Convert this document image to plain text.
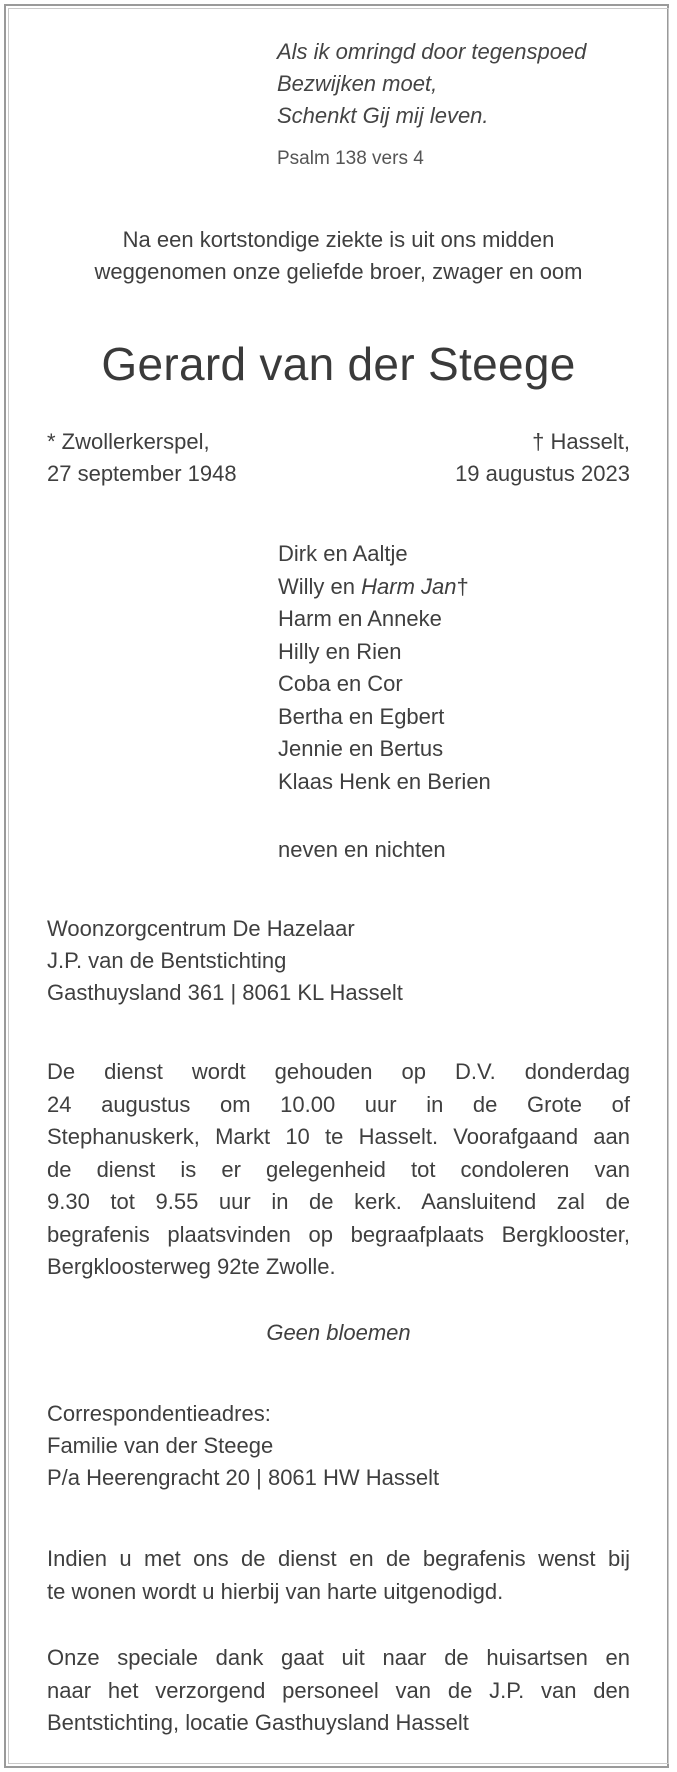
Als ik omringd door tegenspoed
Bezwijken moet,
Schenkt Gij mij leven.
Psalm 138 vers 4
Na een kortstondige ziekte is uit ons midden
weggenomen onze geliefde broer, zwager en oom
Gerard van der Steege
* Zwollerkerspel,
27 september 1948
† Hasselt,
19 augustus 2023
Dirk en Aaltje
Willy en Harm Jan†
Harm en Anneke
Hilly en Rien
Coba en Cor
Bertha en Egbert
Jennie en Bertus
Klaas Henk en Berien
neven en nichten
Woonzorgcentrum De Hazelaar
J.P. van de Bentstichting
Gasthuysland 361 | 8061 KL Hasselt
De dienst wordt gehouden op D.V. donderdag
24 augustus om 10.00 uur in de Grote of
Stephanuskerk, Markt 10 te Hasselt. Voorafgaand aan
de dienst is er gelegenheid tot condoleren van
9.30 tot 9.55 uur in de kerk. Aansluitend zal de
begrafenis plaatsvinden op begraafplaats Bergklooster,
Bergkloosterweg 92te Zwolle.
Geen bloemen
Correspondentieadres:
Familie van der Steege
P/a Heerengracht 20 | 8061 HW Hasselt
Indien u met ons de dienst en de begrafenis wenst bij
te wonen wordt u hierbij van harte uitgenodigd.
Onze speciale dank gaat uit naar de huisartsen en
naar het verzorgend personeel van de J.P. van den
Bentstichting, locatie Gasthuysland Hasselt
